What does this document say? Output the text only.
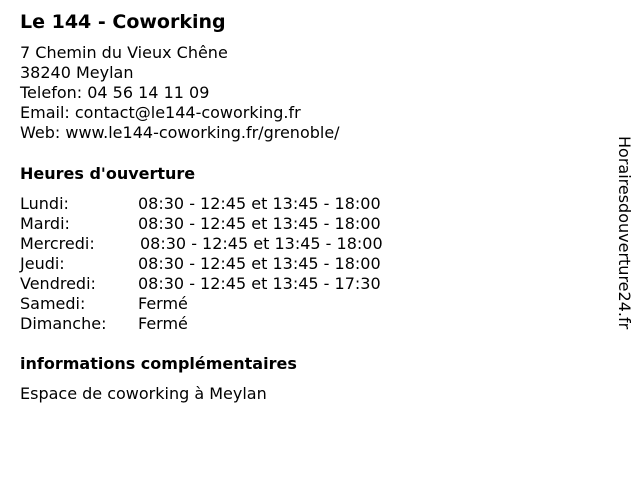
Le 144 - Coworking
7 Chemin du Vieux Chêne
38240 Meylan
Telefon: 04 56 14 11 09
Email: contact@le144-coworking.fr
Web: www.le144-coworking.fr/grenoble/
Heures d'ouverture
Lundi:	08:30 - 12:45 et 13:45 - 18:00
Mardi:	08:30 - 12:45 et 13:45 - 18:00
Mercredi:	08:30 - 12:45 et 13:45 - 18:00
Jeudi:	08:30 - 12:45 et 13:45 - 18:00
Vendredi:	08:30 - 12:45 et 13:45 - 17:30
Samedi:	Fermé
Dimanche: Fermé
informations complémentaires
Espace de coworking à Meylan
Horairesdouverture24.fr
